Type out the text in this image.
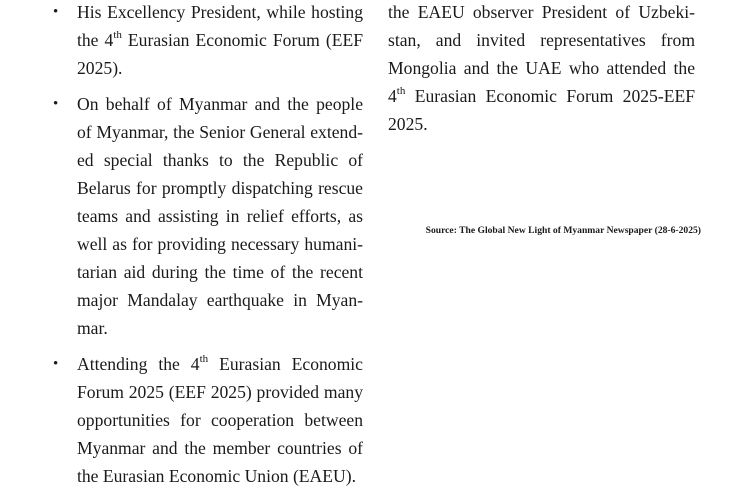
• His Excellency President, while hosting the 4th Eurasian Economic Forum (EEF 2025).
• On behalf of Myanmar and the people of Myanmar, the Senior General extended special thanks to the Republic of Belarus for promptly dispatching rescue teams and assisting in relief efforts, as well as for providing necessary humanitarian aid during the time of the recent major Mandalay earthquake in Myanmar.
• Attending the 4th Eurasian Economic Forum 2025 (EEF 2025) provided many opportunities for cooperation between Myanmar and the member countries of the Eurasian Economic Union (EAEU).

the EAEU observer President of Uzbekistan, and invited representatives from Mongolia and the UAE who attended the 4th Eurasian Economic Forum 2025-EEF 2025.

Source: The Global New Light of Myanmar Newspaper (28-6-2025)
